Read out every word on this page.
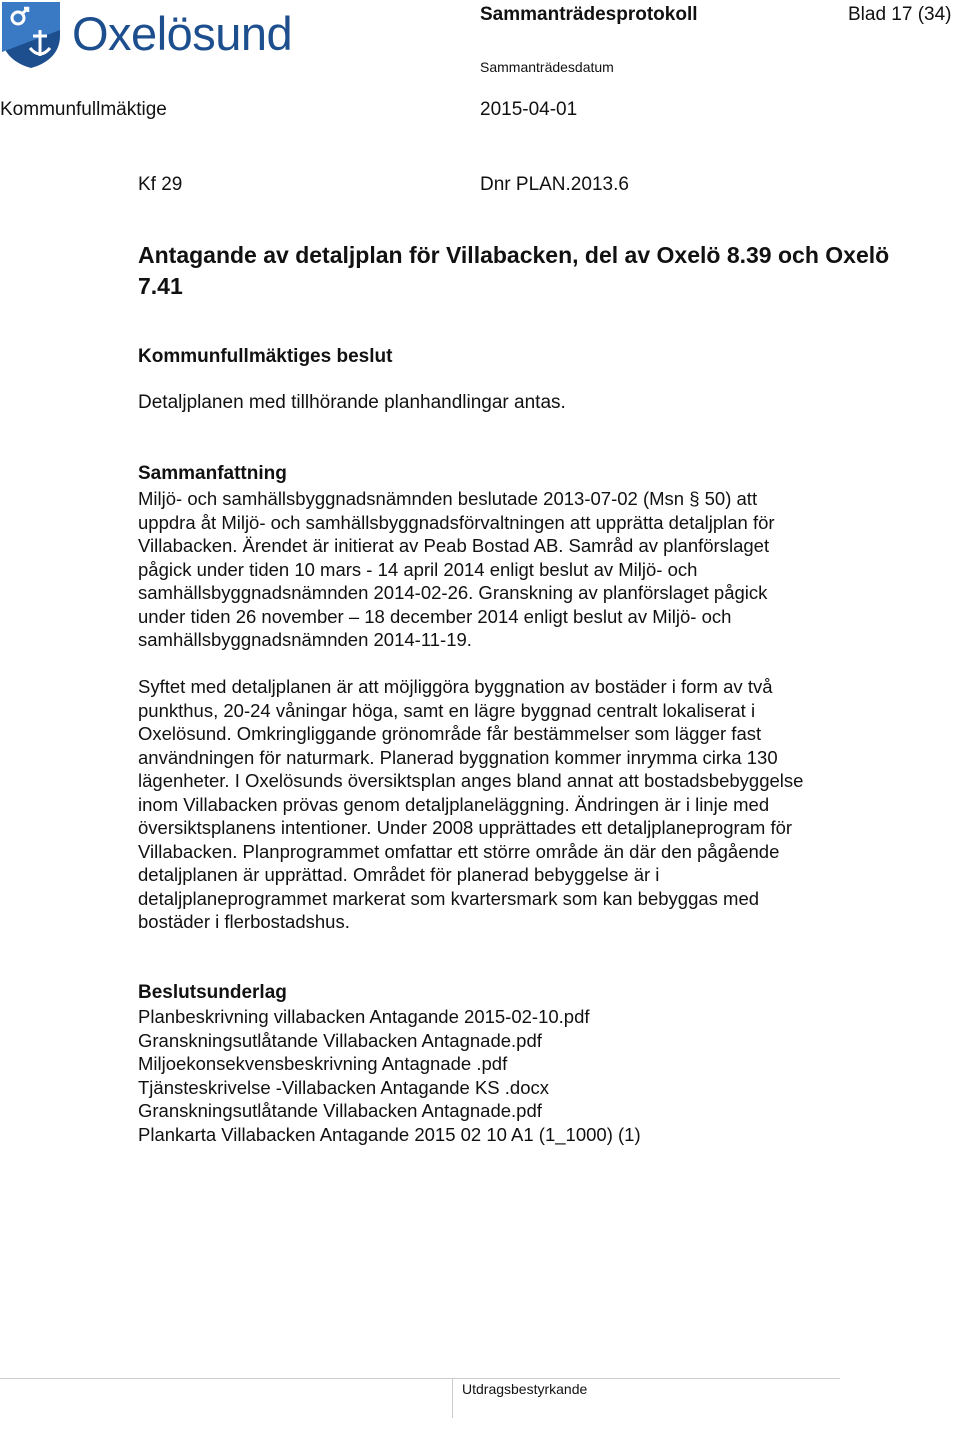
Oxelösund	Sammanträdesprotokoll	Blad 17 (34)
Sammanträdesdatum
Kommunfullmäktige	2015-04-01
Kf 29	Dnr PLAN.2013.6
Antagande av detaljplan för Villabacken, del av Oxelö 8.39 och Oxelö 7.41
Kommunfullmäktiges beslut
Detaljplanen med tillhörande planhandlingar antas.
Sammanfattning
Miljö- och samhällsbyggnadsnämnden beslutade 2013-07-02 (Msn § 50) att
uppdra åt Miljö- och samhällsbyggnadsförvaltningen att upprätta detaljplan för
Villabacken. Ärendet är initierat av Peab Bostad AB. Samråd av planförslaget
pågick under tiden 10 mars - 14 april 2014 enligt beslut av Miljö- och
samhällsbyggnadsnämnden 2014-02-26. Granskning av planförslaget pågick
under tiden 26 november – 18 december 2014 enligt beslut av Miljö- och
samhällsbyggnadsnämnden 2014-11-19.
Syftet med detaljplanen är att möjliggöra byggnation av bostäder i form av två
punkthus, 20-24 våningar höga, samt en lägre byggnad centralt lokaliserat i
Oxelösund. Omkringliggande grönområde får bestämmelser som lägger fast
användningen för naturmark. Planerad byggnation kommer inrymma cirka 130
lägenheter. I Oxelösunds översiktsplan anges bland annat att bostadsbebyggelse
inom Villabacken prövas genom detaljplaneläggning. Ändringen är i linje med
översiktsplanens intentioner. Under 2008 upprättades ett detaljplaneprogram för
Villabacken. Planprogrammet omfattar ett större område än där den pågående
detaljplanen är upprättad. Området för planerad bebyggelse är i
detaljplaneprogrammet markerat som kvartersmark som kan bebyggas med
bostäder i flerbostadshus.
Beslutsunderlag
Planbeskrivning villabacken Antagande 2015-02-10.pdf
Granskningsutlåtande Villabacken Antagnade.pdf
Miljoekonsekvensbeskrivning Antagnade .pdf
Tjänsteskrivelse -Villabacken Antagande KS .docx
Granskningsutlåtande Villabacken Antagnade.pdf
Plankarta Villabacken Antagande 2015 02 10 A1 (1_1000) (1)
Utdragsbestyrkande
